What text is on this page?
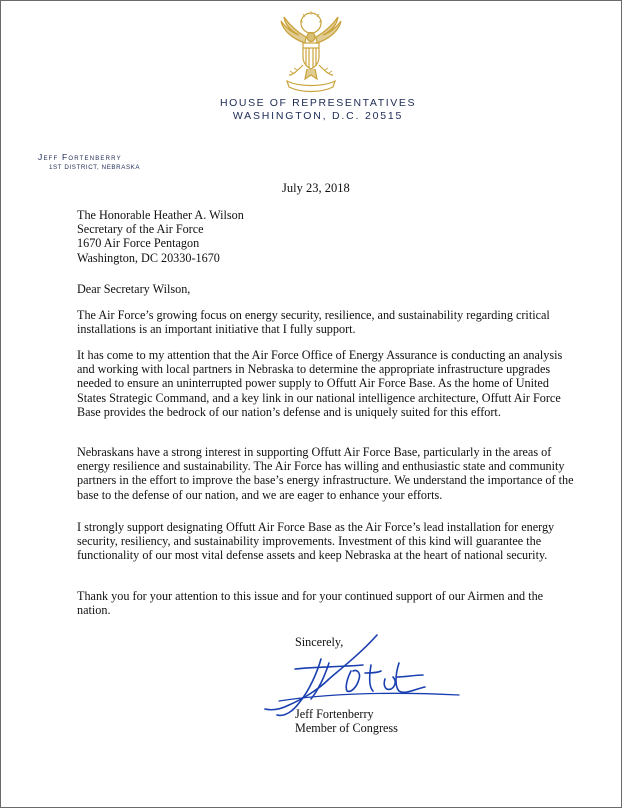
HOUSE OF REPRESENTATIVES
WASHINGTON, D.C. 20515
Jeff Fortenberry
1ST DISTRICT, NEBRASKA
July 23, 2018
The Honorable Heather A. Wilson
Secretary of the Air Force
1670 Air Force Pentagon
Washington, DC 20330-1670
Dear Secretary Wilson,
The Air Force’s growing focus on energy security, resilience, and sustainability regarding critical installations is an important initiative that I fully support.
It has come to my attention that the Air Force Office of Energy Assurance is conducting an analysis and working with local partners in Nebraska to determine the appropriate infrastructure upgrades needed to ensure an uninterrupted power supply to Offutt Air Force Base. As the home of United States Strategic Command, and a key link in our national intelligence architecture, Offutt Air Force Base provides the bedrock of our nation’s defense and is uniquely suited for this effort.
Nebraskans have a strong interest in supporting Offutt Air Force Base, particularly in the areas of energy resilience and sustainability. The Air Force has willing and enthusiastic state and community partners in the effort to improve the base’s energy infrastructure. We understand the importance of the base to the defense of our nation, and we are eager to enhance your efforts.
I strongly support designating Offutt Air Force Base as the Air Force’s lead installation for energy security, resiliency, and sustainability improvements. Investment of this kind will guarantee the functionality of our most vital defense assets and keep Nebraska at the heart of national security.
Thank you for your attention to this issue and for your continued support of our Airmen and the nation.
Sincerely,
Jeff Fortenberry
Member of Congress
